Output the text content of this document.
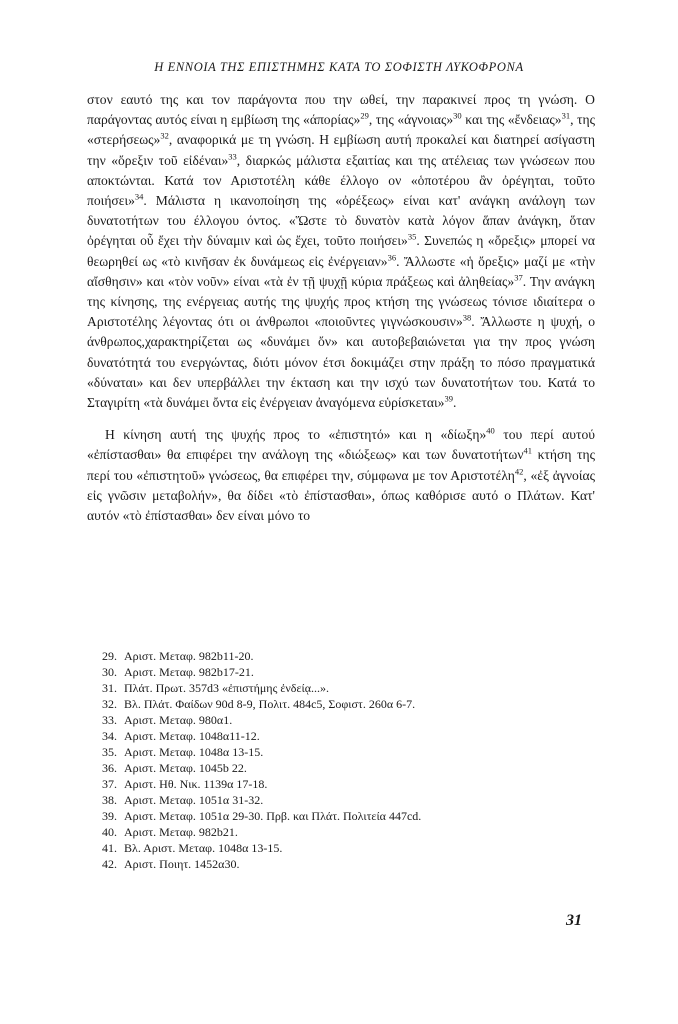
Η ΕΝΝΟΙΑ ΤΗΣ ΕΠΙΣΤΗΜΗΣ ΚΑΤΑ ΤΟ ΣΟΦΙΣΤΗ ΛΥΚΟΦΡΟΝΑ

στον εαυτό της και τον παράγοντα που την ωθεί, την παρακινεί προς τη γνώση. Ο παράγοντας αυτός είναι η εμβίωση της «άπορίας»$^{29}$, της «άγνοιας»$^{30}$ και της «ἔνδειας»$^{31}$, της «στερήσεως»$^{32}$, αναφορικά με τη γνώση. Η εμβίωση αυτή προκαλεί και διατηρεί ασίγαστη την «ὄρεξιν τοῦ εἰδέναι»$^{33}$, διαρκώς μάλιστα εξαιτίας και της ατέλειας των γνώσεων που αποκτώνται. Κατά τον Αριστοτέλη κάθε έλλογο ον «ὁποτέρου ἂν ὀρέγηται, τοῦτο ποιήσει»$^{34}$. Μάλιστα η ικανοποίηση της «ὀρέξεως» είναι κατ' ανάγκη ανάλογη των δυνατοτήτων του έλλογου όντος. «Ὥστε τὸ δυνατὸν κατὰ λόγον ἅπαν ἀνάγκη, ὅταν ὀρέγηται οὗ ἔχει τὴν δύναμιν καὶ ὡς ἔχει, τοῦτο ποιήσει»$^{35}$. Συνεπώς η «ὄρεξις» μπορεί να θεωρηθεί ως «τὸ κινῆσαν ἐκ δυνάμεως εἰς ἐνέργειαν»$^{36}$. Ἄλλωστε «ἡ ὄρεξις» μαζί με «τὴν αἴσθησιν» και «τὸν νοῦν» είναι «τὰ ἐν τῇ ψυχῇ κύρια πράξεως καὶ ἀληθείας»$^{37}$. Την ανάγκη της κίνησης, της ενέργειας αυτής της ψυχής προς κτήση της γνώσεως τόνισε ιδιαίτερα ο Αριστοτέλης λέγοντας ότι οι άνθρωποι «ποιοῦντες γιγνώσκουσιν»$^{38}$. Ἄλλωστε η ψυχή, ο άνθρωπος,χαρακτηρίζεται ως «δυνάμει ὄν» και αυτοβεβαιώνεται για την προς γνώση δυνατότητά του ενεργώντας, διότι μόνον έτσι δοκιμάζει στην πράξη το πόσο πραγματικά «δύναται» και δεν υπερβάλλει την έκταση και την ισχύ των δυνατοτήτων του. Κατά το Σταγιρίτη «τὰ δυνάμει ὄντα εἰς ἐνέργειαν ἀναγόμενα εὑρίσκεται»$^{39}$.

Η κίνηση αυτή της ψυχής προς το «ἐπιστητό» και η «δίωξη»$^{40}$ του περί αυτού «ἐπίστασθαι» θα επιφέρει την ανάλογη της «διώξεως» και των δυνατοτήτων$^{41}$ κτήση της περί του «ἐπιστητοῦ» γνώσεως, θα επιφέρει την, σύμφωνα με τον Αριστοτέλη$^{42}$, «ἐξ ἀγνοίας εἰς γνῶσιν μεταβολήν», θα δίδει «τὸ ἐπίστασθαι», όπως καθόρισε αυτό ο Πλάτων. Κατ' αυτόν «τὸ ἐπίστασθαι» δεν είναι μόνο το

29. Αριστ. Μεταφ. 982b11-20.
30. Αριστ. Μεταφ. 982b17-21.
31. Πλάτ. Πρωτ. 357d3 «ἐπιστήμης ἐνδείᾳ...».
32. Βλ. Πλάτ. Φαίδων 90d 8-9, Πολιτ. 484c5, Σοφιστ. 260α 6-7.
33. Αριστ. Μεταφ. 980α1.
34. Αριστ. Μεταφ. 1048α11-12.
35. Αριστ. Μεταφ. 1048α 13-15.
36. Αριστ. Μεταφ. 1045b 22.
37. Αριστ. Ηθ. Νικ. 1139α 17-18.
38. Αριστ. Μεταφ. 1051α 31-32.
39. Αριστ. Μεταφ. 1051α 29-30. Πρβ. και Πλάτ. Πολιτεία 447cd.
40. Αριστ. Μεταφ. 982b21.
41. Βλ. Αριστ. Μεταφ. 1048α 13-15.
42. Αριστ. Ποιητ. 1452α30.
31
